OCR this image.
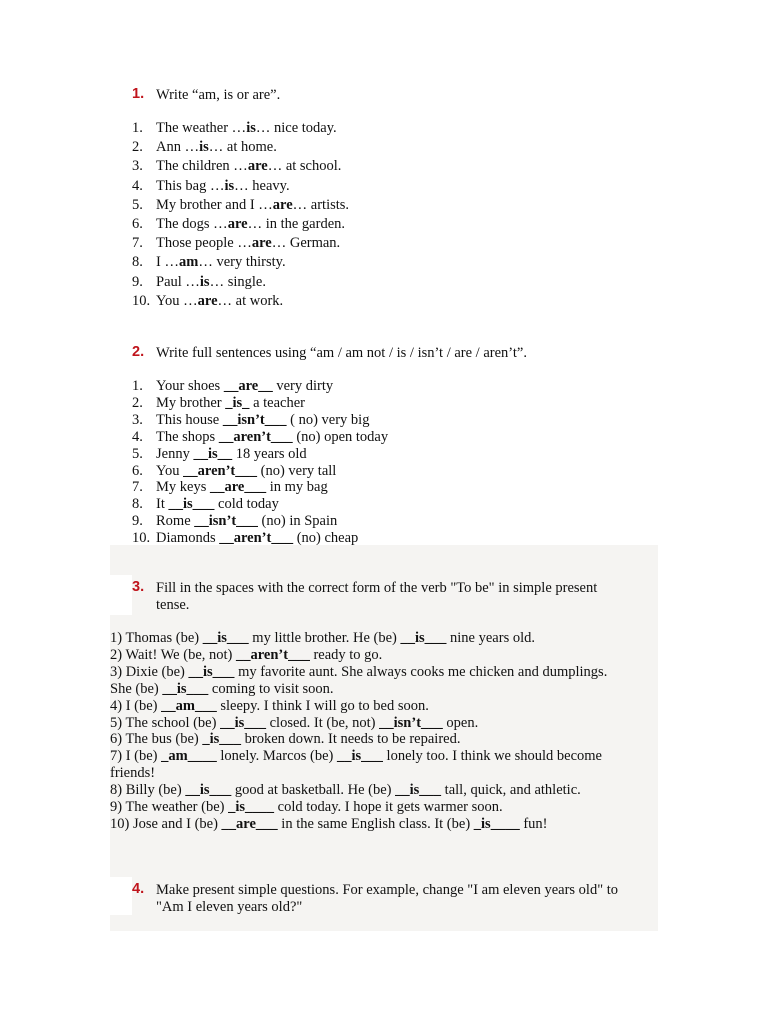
1. Write “am, is or are”.
1. The weather …is… nice today.
2. Ann …is… at home.
3. The children …are… at school.
4. This bag …is… heavy.
5. My brother and I …are… artists.
6. The dogs …are… in the garden.
7. Those people …are… German.
8. I …am… very thirsty.
9. Paul …is… single.
10. You …are… at work.
2. Write full sentences using “am / am not / is / isn’t / are / aren’t”.
1. Your shoes __are__ very dirty
2. My brother _is_ a teacher
3. This house __isn’t___ ( no) very big
4. The shops __aren’t___ (no) open today
5. Jenny __is__ 18 years old
6. You __aren’t___ (no) very tall
7. My keys __are___ in my bag
8. It __is___ cold today
9. Rome __isn’t___ (no) in Spain
10. Diamonds __aren’t___ (no) cheap
3. Fill in the spaces with the correct form of the verb "To be" in simple present
tense.
1) Thomas (be) __is___ my little brother. He (be) __is___ nine years old.
2) Wait! We (be, not) __aren’t___ ready to go.
3) Dixie (be) __is___ my favorite aunt. She always cooks me chicken and dumplings.
She (be) __is___ coming to visit soon.
4) I (be) __am___ sleepy. I think I will go to bed soon.
5) The school (be) __is___ closed. It (be, not) __isn’t___ open.
6) The bus (be) _is___ broken down. It needs to be repaired.
7) I (be) _am____ lonely. Marcos (be) __is___ lonely too. I think we should become
friends!
8) Billy (be) __is___ good at basketball. He (be) __is___ tall, quick, and athletic.
9) The weather (be) _is____ cold today. I hope it gets warmer soon.
10) Jose and I (be) __are___ in the same English class. It (be) _is____ fun!
4. Make present simple questions. For example, change "I am eleven years old" to
"Am I eleven years old?"
